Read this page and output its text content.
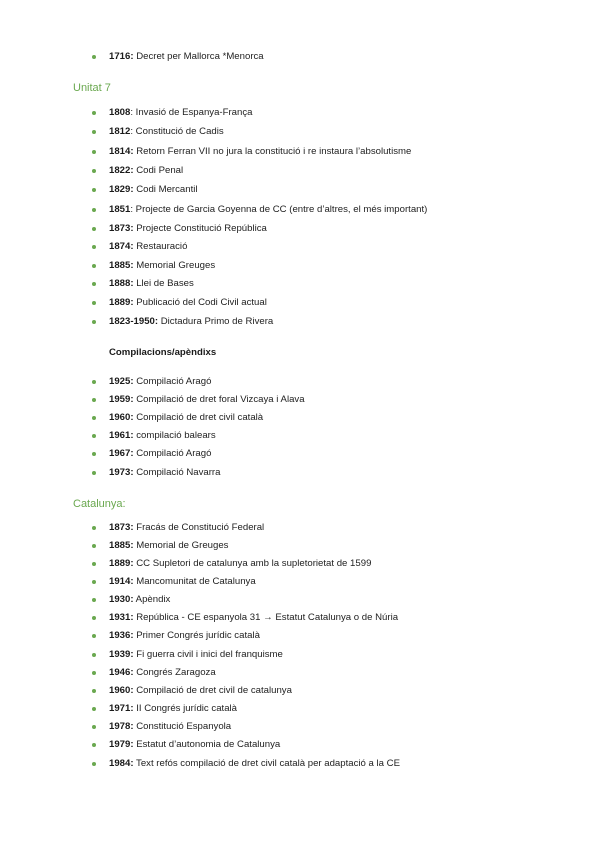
1716: Decret per Mallorca *Menorca
Unitat 7
1808: Invasió de Espanya-França
1812: Constitució de Cadis
1814: Retorn Ferran VII no jura la constitució i re instaura l’absolutisme
1822: Codi Penal
1829: Codi Mercantil
1851: Projecte de Garcia Goyenna de CC (entre d’altres, el més important)
1873: Projecte Constitució República
1874: Restauració
1885: Memorial Greuges
1888: Llei de Bases
1889: Publicació del Codi Civil actual
1823-1950: Dictadura Primo de Rivera

Compilacions/apèndixs

1925: Compilació Aragó
1959: Compilació de dret foral Vizcaya i Alava
1960: Compilació de dret civil català
1961: compilació balears
1967: Compilació Aragó
1973: Compilació Navarra
Catalunya:
1873: Fracás de Constitució Federal
1885: Memorial de Greuges
1889: CC Supletori de catalunya amb la supletorietat de 1599
1914: Mancomunitat de Catalunya
1930: Apèndix
1931: República - CE espanyola 31 → Estatut Catalunya o de Núria
1936: Primer Congrés jurídic català
1939: Fi guerra civil i inici del franquisme
1946: Congrés Zaragoza
1960: Compilació de dret civil de catalunya
1971: II Congrés jurídic català
1978: Constitució Espanyola
1979: Estatut d’autonomia de Catalunya
1984: Text refós compilació de dret civil català per adaptació a la CE
